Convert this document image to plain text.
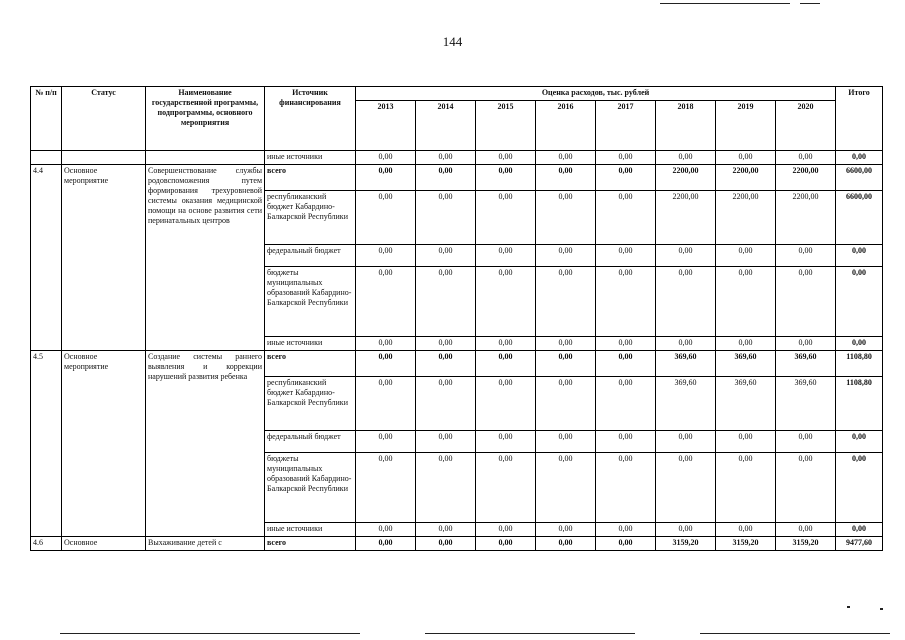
144
№ п/п	Статус	Наименование государственной программы, подпрограммы, основного мероприятия	Источник финансирования	Оценка расходов, тыс. рублей								Итого
				2013	2014	2015	2016	2017	2018	2019	2020	
			иные источники	0,00	0,00	0,00	0,00	0,00	0,00	0,00	0,00	0,00
4.4	Основное мероприятие	Совершенствование службы родовспоможения путем формирования трехуровневой системы оказания медицинской помощи на основе развития сети перинатальных центров	всего	0,00	0,00	0,00	0,00	0,00	2200,00	2200,00	2200,00	6600,00
			республиканский бюджет Кабардино-Балкарской Республики	0,00	0,00	0,00	0,00	0,00	2200,00	2200,00	2200,00	6600,00
			федеральный бюджет	0,00	0,00	0,00	0,00	0,00	0,00	0,00	0,00	0,00
			бюджеты муниципальных образований Кабардино-Балкарской Республики	0,00	0,00	0,00	0,00	0,00	0,00	0,00	0,00	0,00
			иные источники	0,00	0,00	0,00	0,00	0,00	0,00	0,00	0,00	0,00
4.5	Основное мероприятие	Создание системы раннего выявления и коррекции нарушений развития ребенка	всего	0,00	0,00	0,00	0,00	0,00	369,60	369,60	369,60	1108,80
			республиканский бюджет Кабардино-Балкарской Республики	0,00	0,00	0,00	0,00	0,00	369,60	369,60	369,60	1108,80
			федеральный бюджет	0,00	0,00	0,00	0,00	0,00	0,00	0,00	0,00	0,00
			бюджеты муниципальных образований Кабардино-Балкарской Республики	0,00	0,00	0,00	0,00	0,00	0,00	0,00	0,00	0,00
			иные источники	0,00	0,00	0,00	0,00	0,00	0,00	0,00	0,00	0,00
4.6	Основное	Выхаживание детей с	всего	0,00	0,00	0,00	0,00	0,00	3159,20	3159,20	3159,20	9477,60
